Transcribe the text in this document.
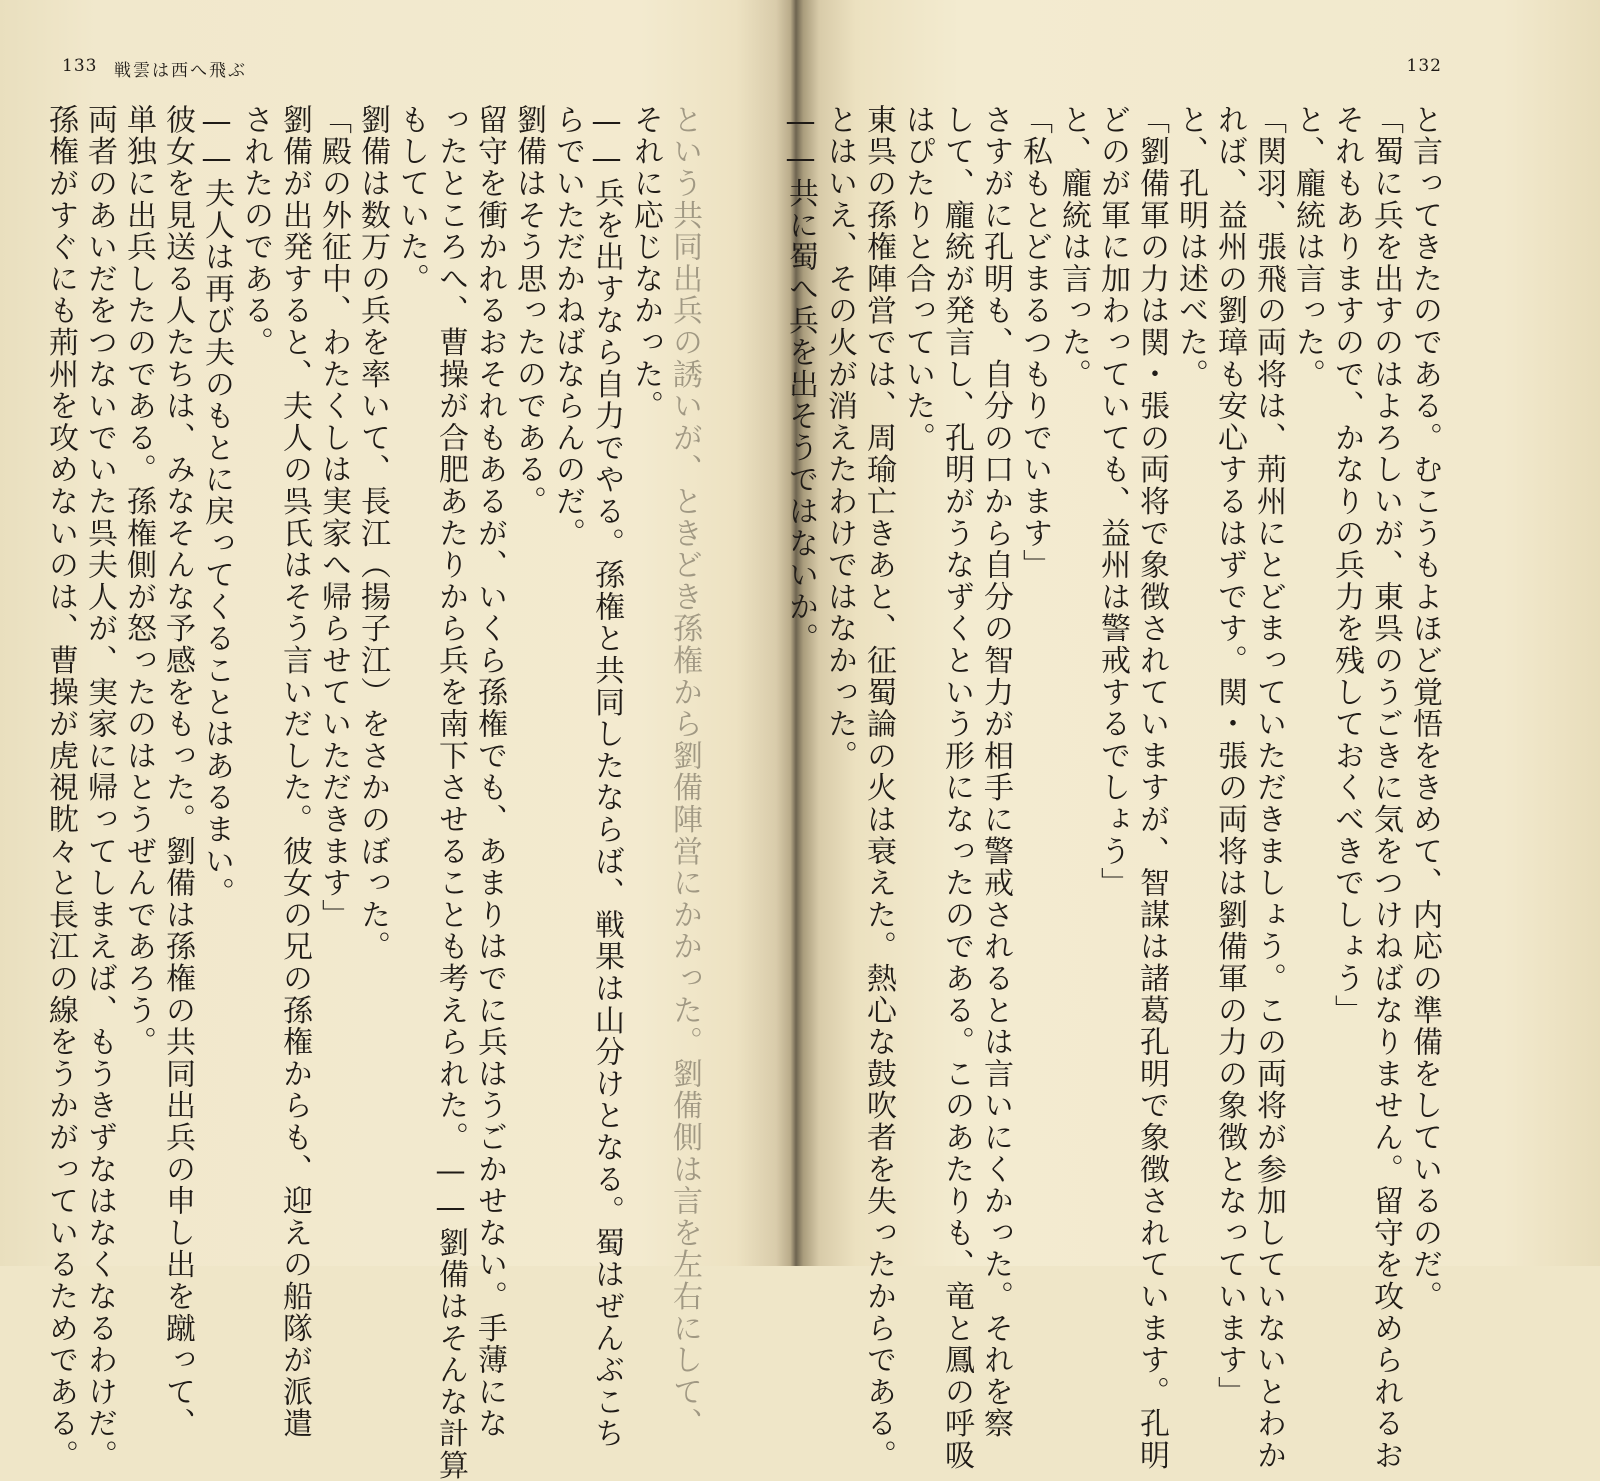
133 戦雲は西へ飛ぶ
という共同出兵の誘いが、ときどき孫権から劉備陣営にかかった。劉備側は言を左右にして、
それに応じなかった。
——兵を出すなら自力でやる。孫権と共同したならば、戦果は山分けとなる。蜀はぜんぶこち
らでいただかねばならんのだ。
劉備はそう思ったのである。
留守を衝かれるおそれもあるが、いくら孫権でも、あまりはでに兵はうごかせない。手薄にな
ったところへ、曹操が合肥あたりから兵を南下させることも考えられた。——劉備はそんな計算
もしていた。
劉備は数万の兵を率いて、長江（揚子江）をさかのぼった。
「殿の外征中、わたくしは実家へ帰らせていただきます」
劉備が出発すると、夫人の呉氏はそう言いだした。彼女の兄の孫権からも、迎えの船隊が派遣
されたのである。
——夫人は再び夫のもとに戻ってくることはあるまい。
彼女を見送る人たちは、みなそんな予感をもった。劉備は孫権の共同出兵の申し出を蹴って、
単独に出兵したのである。孫権側が怒ったのはとうぜんであろう。
両者のあいだをつないでいた呉夫人が、実家に帰ってしまえば、もうきずなはなくなるわけだ。
孫権がすぐにも荊州を攻めないのは、曹操が虎視眈々と長江の線をうかがっているためである。
132
と言ってきたのである。むこうもよほど覚悟をきめて、内応の準備をしているのだ。
「蜀に兵を出すのはよろしいが、東呉のうごきに気をつけねばなりません。留守を攻められるお
それもありますので、かなりの兵力を残しておくべきでしょう」
と、龐統は言った。
「関羽、張飛の両将は、荊州にとどまっていただきましょう。この両将が参加していないとわか
れば、益州の劉璋も安心するはずです。関・張の両将は劉備軍の力の象徴となっています」
と、孔明は述べた。
「劉備軍の力は関・張の両将で象徴されていますが、智謀は諸葛孔明で象徴されています。孔明
どのが軍に加わっていても、益州は警戒するでしょう」
と、龐統は言った。
「私もとどまるつもりでいます」
さすがに孔明も、自分の口から自分の智力が相手に警戒されるとは言いにくかった。それを察
して、龐統が発言し、孔明がうなずくという形になったのである。このあたりも、竜と鳳の呼吸
はぴたりと合っていた。
東呉の孫権陣営では、周瑜亡きあと、征蜀論の火は衰えた。熱心な鼓吹者を失ったからである。
とはいえ、その火が消えたわけではなかった。
——共に蜀へ兵を出そうではないか。
